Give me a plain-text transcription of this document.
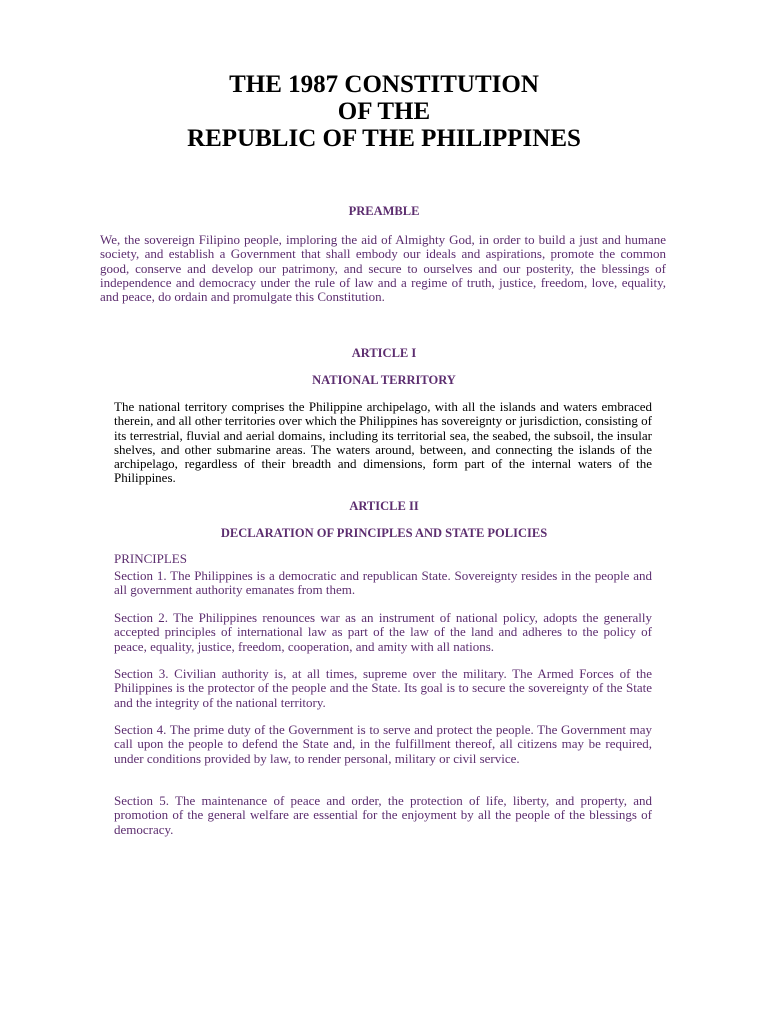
THE 1987 CONSTITUTION
OF THE
REPUBLIC OF THE PHILIPPINES
PREAMBLE

We, the sovereign Filipino people, imploring the aid of Almighty God, in order to build a just and humane society, and establish a Government that shall embody our ideals and aspirations, promote the common good, conserve and develop our patrimony, and secure to ourselves and our posterity, the blessings of independence and democracy under the rule of law and a regime of truth, justice, freedom, love, equality, and peace, do ordain and promulgate this Constitution.

ARTICLE I
NATIONAL TERRITORY

The national territory comprises the Philippine archipelago, with all the islands and waters embraced therein, and all other territories over which the Philippines has sovereignty or jurisdiction, consisting of its terrestrial, fluvial and aerial domains, including its territorial sea, the seabed, the subsoil, the insular shelves, and other submarine areas. The waters around, between, and connecting the islands of the archipelago, regardless of their breadth and dimensions, form part of the internal waters of the Philippines.

ARTICLE II
DECLARATION OF PRINCIPLES AND STATE POLICIES

PRINCIPLES

Section 1. The Philippines is a democratic and republican State. Sovereignty resides in the people and all government authority emanates from them.

Section 2. The Philippines renounces war as an instrument of national policy, adopts the generally accepted principles of international law as part of the law of the land and adheres to the policy of peace, equality, justice, freedom, cooperation, and amity with all nations.

Section 3. Civilian authority is, at all times, supreme over the military. The Armed Forces of the Philippines is the protector of the people and the State. Its goal is to secure the sovereignty of the State and the integrity of the national territory.

Section 4. The prime duty of the Government is to serve and protect the people. The Government may call upon the people to defend the State and, in the fulfillment thereof, all citizens may be required, under conditions provided by law, to render personal, military or civil service.

Section 5. The maintenance of peace and order, the protection of life, liberty, and property, and promotion of the general welfare are essential for the enjoyment by all the people of the blessings of democracy.
